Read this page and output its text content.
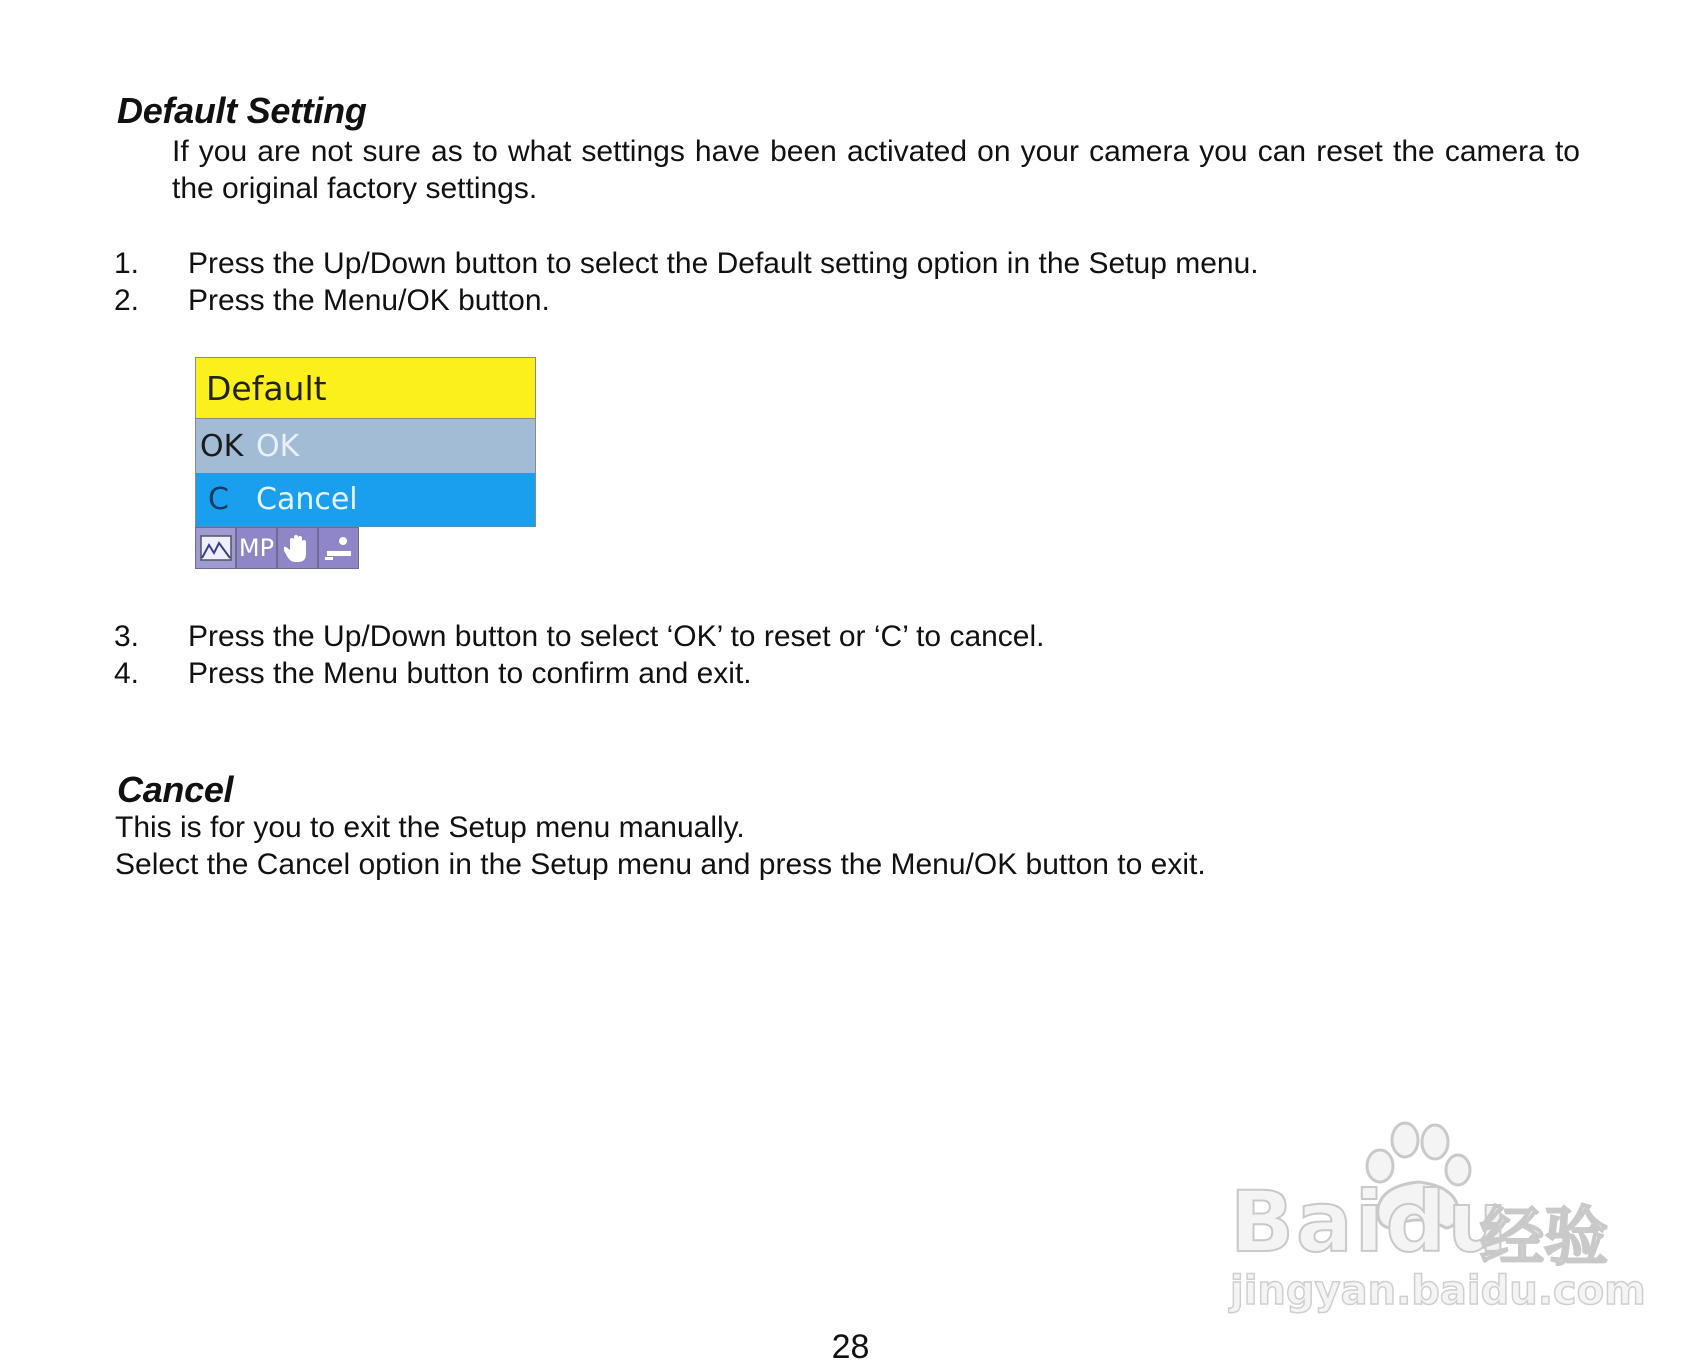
Default Setting

If you are not sure as to what settings have been activated on your camera you can reset the camera to the original factory settings.

1.	Press the Up/Down button to select the Default setting option in the Setup menu.
2.	Press the Menu/OK button.
Default
OK OK
C Cancel
MP
3.	Press the Up/Down button to select ‘OK’ to reset or ‘C’ to cancel.
4.	Press the Menu button to confirm and exit.
Cancel
This is for you to exit the Setup menu manually.
Select the Cancel option in the Setup menu and press the Menu/OK button to exit.
Baidu
经验
jingyan.baidu.com
28
